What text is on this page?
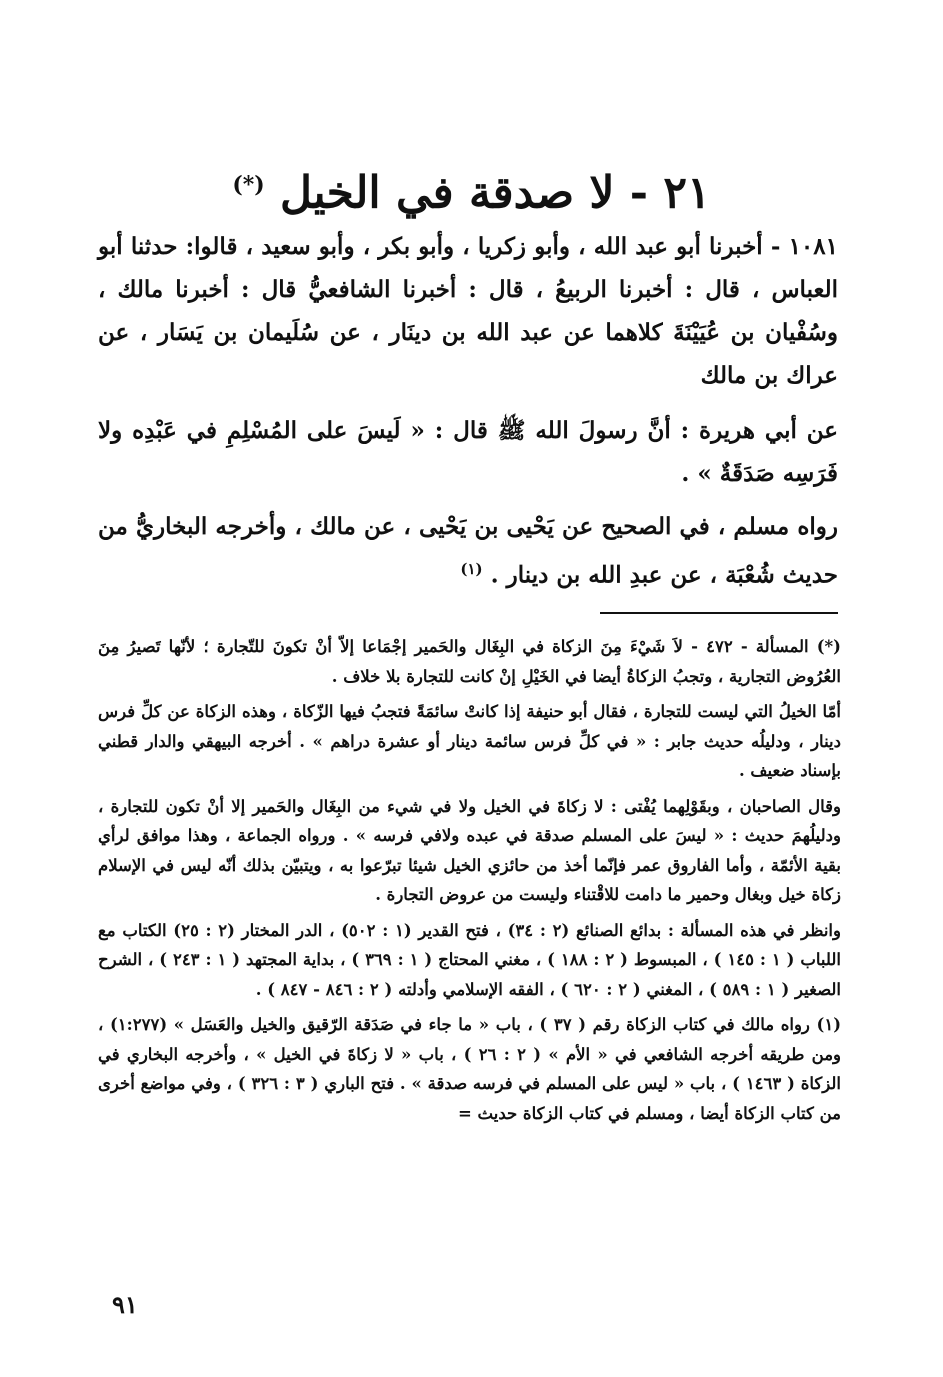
٢١ - لا صدقة في الخيل (*)

١٠٨١ - أخبرنا أبو عبد الله ، وأبو زكريا ، وأبو بكر ، وأبو سعيد ، قالوا: حدثنا أبو العباس ، قال : أخبرنا الربيعُ ، قال : أخبرنا الشافعيُّ قال : أخبرنا مالك ، وسُفْيان بن عُيَيْنَةَ كلاهما عن عبد الله بن دينَار ، عن سُلَيمان بن يَسَار ، عن عراك بن مالك

عن أبي هريرة : أنَّ رسولَ الله ﷺ قال : « لَيسَ على المُسْلِمِ في عَبْدِه ولا فَرَسِه صَدَقَةٌ » .

رواه مسلم ، في الصحيح عن يَحْيى بن يَحْيى ، عن مالك ، وأخرجه البخاريُّ من حديث شُعْبَة ، عن عبدِ الله بن دينار . $^{(١)}$

(*) المسألة - ٤٧٢ - لاَ شَيْءَ مِنَ الزكاة في البِغَال والحَمير إجْمَاعا إلاّ أنْ تكونَ للتّجارة ؛ لأنّها تَصيرُ مِنَ العُرُوض التجارية ، وتجبُ الزكاةُ أيضا في الخَيْلِ إنْ كانت للتجارة بلا خلاف .

أمّا الخيلُ التي ليست للتجارة ، فقال أبو حنيفة إذا كانتْ سائمَةً فتجبُ فيها الزّكاة ، وهذه الزكاة عن كلِّ فرس دينار ، ودليلُه حديث جابر : « في كلِّ فرس سائمة دينار أو عشرة دراهم » . أخرجه البيهقي والدار قطني بإسناد ضعيف .

وقال الصاحبان ، وبقَوْلِهما يُفْتى : لا زكاةَ في الخيل ولا في شيء من البِغَال والحَمير إلا أنْ تكون للتجارة ، ودليلُهمَ حديث : « ليسَ على المسلم صدقة في عبده ولافي فرسه » . ورواه الجماعة ، وهذا موافق لرأي بقية الأئمّة ، وأما الفاروق عمر فإنّما أخذ من حائزي الخيل شيئا تبرّعوا به ، ويتبيّن بذلك أنّه ليس في الإسلام زكاة خيل وبغال وحمير ما دامت للاقْتناء وليست من عروض التجارة .

وانظر في هذه المسألة : بدائع الصنائع (٢ : ٣٤) ، فتح القدير (١ : ٥٠٢) ، الدر المختار (٢ : ٢٥) الكتاب مع اللباب ( ١ : ١٤٥ ) ، المبسوط ( ٢ : ١٨٨ ) ، مغني المحتاج ( ١ : ٣٦٩ ) ، بداية المجتهد ( ١ : ٢٤٣ ) ، الشرح الصغير ( ١ : ٥٨٩ ) ، المغني ( ٢ : ٦٢٠ ) ، الفقه الإسلامي وأدلته ( ٢ : ٨٤٦ - ٨٤٧ ) .

(١) رواه مالك في كتاب الزكاة رقم ( ٣٧ ) ، باب « ما جاء في صَدَقة الرّقيق والخيل والعَسَل » (١:٢٧٧) ، ومن طريقه أخرجه الشافعي في « الأم » ( ٢ : ٢٦ ) ، باب « لا زكاةَ في الخيل » ، وأخرجه البخاري في الزكاة ( ١٤٦٣ ) ، باب « ليس على المسلم في فرسه صدقة » . فتح الباري ( ٣ : ٣٢٦ ) ، وفي مواضع أخرى من كتاب الزكاة أيضا ، ومسلم في كتاب الزكاة حديث =

٩١
